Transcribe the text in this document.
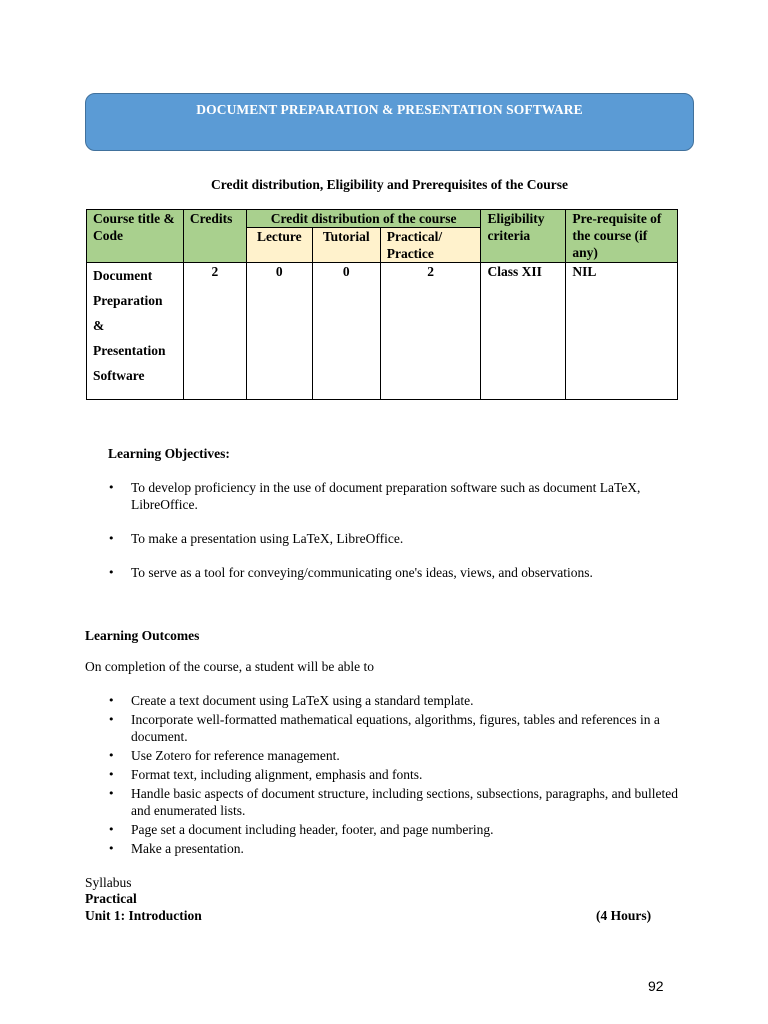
DOCUMENT PREPARATION & PRESENTATION SOFTWARE
Credit distribution, Eligibility and Prerequisites of the Course
Course title & Code	Credits	Credit distribution of the course			Eligibility criteria	Pre-requisite of the course (if any)
		Lecture	Tutorial	Practical/ Practice		

Document
Preparation
&
Presentation
Software	2	0	0	2	Class XII	NIL
Learning Objectives:
• To develop proficiency in the use of document preparation software such as document LaTeX, LibreOffice.
• To make a presentation using LaTeX, LibreOffice.
• To serve as a tool for conveying/communicating one's ideas, views, and observations.
Learning Outcomes
On completion of the course, a student will be able to
• Create a text document using LaTeX using a standard template.
• Incorporate well-formatted mathematical equations, algorithms, figures, tables and references in a document.
• Use Zotero for reference management.
• Format text, including alignment, emphasis and fonts.
• Handle basic aspects of document structure, including sections, subsections, paragraphs, and bulleted and enumerated lists.
• Page set a document including header, footer, and page numbering.
• Make a presentation.
Syllabus
Practical
Unit 1: Introduction	(4 Hours)
92
